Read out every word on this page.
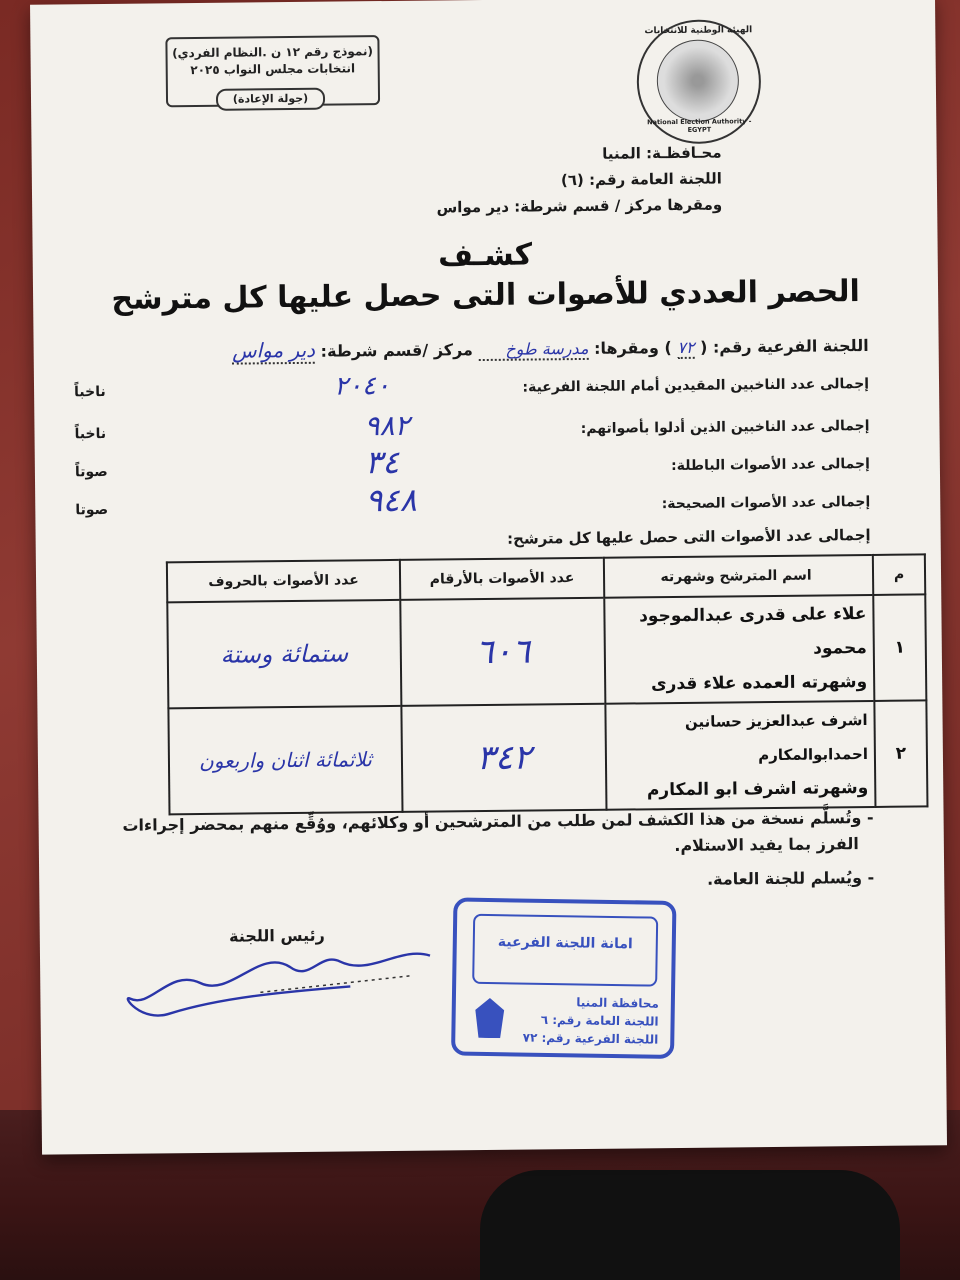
(نموذج رقم ١٢ ن .النظام الفردي)
انتخابات مجلس النواب ٢٠٢٥
(جولة الإعادة)
الهيئة الوطنية للانتخابات
National Election Authority - EGYPT
محـافظـة: المنيا
اللجنة العامة رقم: (٦)
ومقرها مركز / قسم شرطة: دير مواس
كشـف
الحصر العددي للأصوات التى حصل عليها كل مترشح
اللجنة الفرعية رقم: ( ٧٢ ) ومقرها: مدرسة طوخ مركز /قسم شرطة: دير مواس
إجمالى عدد الناخبين المقيدين أمام اللجنة الفرعية:
٢٠٤٠
ناخباً
إجمالى عدد الناخبين الذين أدلوا بأصواتهم:
٩٨٢
ناخباً
إجمالى عدد الأصوات الباطلة:
٣٤
صوتاً
إجمالى عدد الأصوات الصحيحة:
٩٤٨
صوتا
إجمالى عدد الأصوات التى حصل عليها كل مترشح:
م	اسم المترشح وشهرته	عدد الأصوات بالأرقام	عدد الأصوات بالحروف
١	علاء على قدرى عبدالموجود محمود
وشهرته العمده علاء قدرى	٦٠٦	ستمائة وستة
٢	اشرف عبدالعزيز حسانين احمدابوالمكارم
وشهرته اشرف ابو المكارم	٣٤٢	ثلاثمائة اثنان واربعون
- وتُسلَّم نسخة من هذا الكشف لمن طلب من المترشحين أو وكلائهم، ووُقِّع منهم بمحضر إجراءات
الفرز بما يفيد الاستلام.
- ويُسلم للجنة العامة.
رئيس اللجنة	امانة اللجنة الفرعية
محافظة المنيا
اللجنة العامة رقم: ٦
اللجنة الفرعية رقم: ٧٢
